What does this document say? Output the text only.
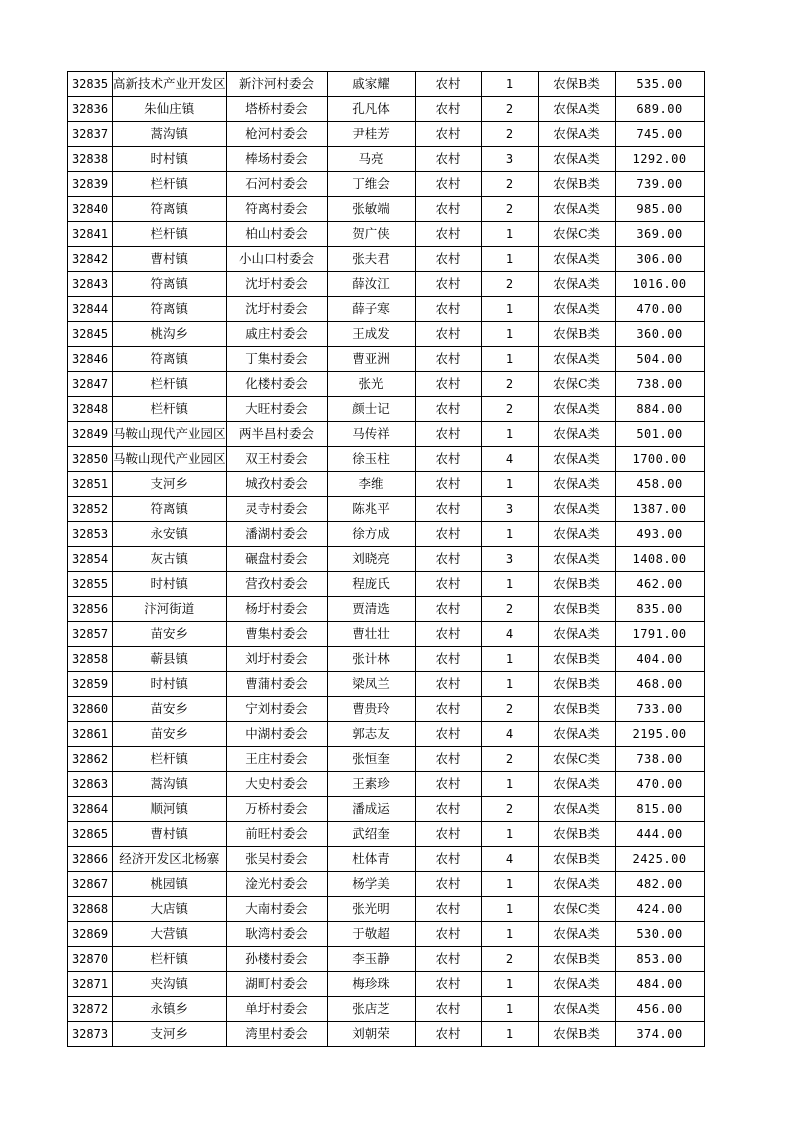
32835	高新技术产业开发区	新汴河村委会	戚家耀	农村	1	农保B类	535.00
32836	朱仙庄镇	塔桥村委会	孔凡体	农村	2	农保A类	689.00
32837	蒿沟镇	枪河村委会	尹桂芳	农村	2	农保A类	745.00
32838	时村镇	棒场村委会	马亮	农村	3	农保A类	1292.00
32839	栏杆镇	石河村委会	丁维会	农村	2	农保B类	739.00
32840	符离镇	符离村委会	张敏端	农村	2	农保A类	985.00
32841	栏杆镇	柏山村委会	贺广侠	农村	1	农保C类	369.00
32842	曹村镇	小山口村委会	张夫君	农村	1	农保A类	306.00
32843	符离镇	沈圩村委会	薛汝江	农村	2	农保A类	1016.00
32844	符离镇	沈圩村委会	薛子寒	农村	1	农保A类	470.00
32845	桃沟乡	戚庄村委会	王成发	农村	1	农保B类	360.00
32846	符离镇	丁集村委会	曹亚洲	农村	1	农保A类	504.00
32847	栏杆镇	化楼村委会	张光	农村	2	农保C类	738.00
32848	栏杆镇	大旺村委会	颜士记	农村	2	农保A类	884.00
32849	马鞍山现代产业园区	两半昌村委会	马传祥	农村	1	农保A类	501.00
32850	马鞍山现代产业园区	双王村委会	徐玉柱	农村	4	农保A类	1700.00
32851	支河乡	城孜村委会	李维	农村	1	农保A类	458.00
32852	符离镇	灵寺村委会	陈兆平	农村	3	农保A类	1387.00
32853	永安镇	潘湖村委会	徐方成	农村	1	农保A类	493.00
32854	灰古镇	碾盘村委会	刘晓亮	农村	3	农保A类	1408.00
32855	时村镇	营孜村委会	程庞氏	农村	1	农保B类	462.00
32856	汴河街道	杨圩村委会	贾清选	农村	2	农保B类	835.00
32857	苗安乡	曹集村委会	曹壮壮	农村	4	农保A类	1791.00
32858	蕲县镇	刘圩村委会	张计林	农村	1	农保B类	404.00
32859	时村镇	曹蒲村委会	梁凤兰	农村	1	农保B类	468.00
32860	苗安乡	宁刘村委会	曹贵玲	农村	2	农保B类	733.00
32861	苗安乡	中湖村委会	郭志友	农村	4	农保A类	2195.00
32862	栏杆镇	王庄村委会	张恒奎	农村	2	农保C类	738.00
32863	蒿沟镇	大史村委会	王素珍	农村	1	农保A类	470.00
32864	顺河镇	万桥村委会	潘成运	农村	2	农保A类	815.00
32865	曹村镇	前旺村委会	武绍奎	农村	1	农保B类	444.00
32866	经济开发区北杨寨	张吴村委会	杜体青	农村	4	农保B类	2425.00
32867	桃园镇	淦光村委会	杨学美	农村	1	农保A类	482.00
32868	大店镇	大南村委会	张光明	农村	1	农保C类	424.00
32869	大营镇	耿湾村委会	于敬超	农村	1	农保A类	530.00
32870	栏杆镇	孙楼村委会	李玉静	农村	2	农保B类	853.00
32871	夹沟镇	湖町村委会	梅珍珠	农村	1	农保A类	484.00
32872	永镇乡	单圩村委会	张店芝	农村	1	农保A类	456.00
32873	支河乡	湾里村委会	刘朝荣	农村	1	农保B类	374.00
